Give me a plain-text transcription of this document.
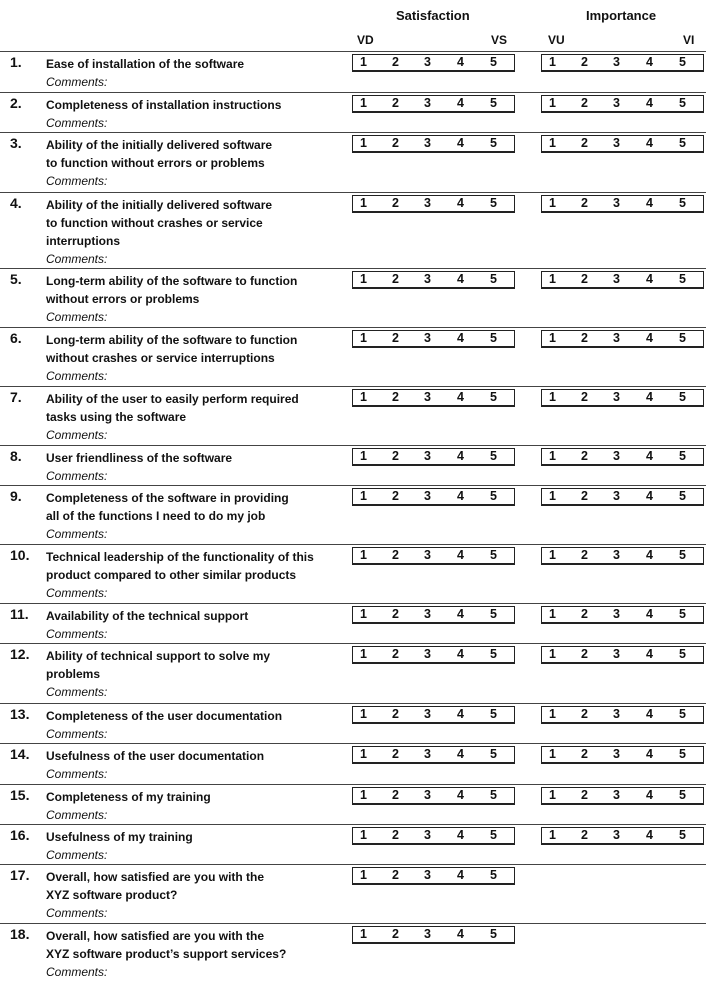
Satisfaction	Importance
VD	VS	VU	VI
1. Ease of installation of the software
Comments:
1 2 3 4 5	1 2 3 4 5
2. Completeness of installation instructions
Comments:
1 2 3 4 5	1 2 3 4 5
3. Ability of the initially delivered software
to function without errors or problems
Comments:
1 2 3 4 5	1 2 3 4 5
4. Ability of the initially delivered software
to function without crashes or service
interruptions
Comments:
1 2 3 4 5	1 2 3 4 5
5. Long-term ability of the software to function
without errors or problems
Comments:
1 2 3 4 5	1 2 3 4 5
6. Long-term ability of the software to function
without crashes or service interruptions
Comments:
1 2 3 4 5	1 2 3 4 5
7. Ability of the user to easily perform required
tasks using the software
Comments:
1 2 3 4 5	1 2 3 4 5
8. User friendliness of the software
Comments:
1 2 3 4 5	1 2 3 4 5
9. Completeness of the software in providing
all of the functions I need to do my job
Comments:
1 2 3 4 5	1 2 3 4 5
10. Technical leadership of the functionality of this
product compared to other similar products
Comments:
1 2 3 4 5	1 2 3 4 5
11. Availability of the technical support
Comments:
1 2 3 4 5	1 2 3 4 5
12. Ability of technical support to solve my
problems
Comments:
1 2 3 4 5	1 2 3 4 5
13. Completeness of the user documentation
Comments:
1 2 3 4 5	1 2 3 4 5
14. Usefulness of the user documentation
Comments:
1 2 3 4 5	1 2 3 4 5
15. Completeness of my training
Comments:
1 2 3 4 5	1 2 3 4 5
16. Usefulness of my training
Comments:
1 2 3 4 5	1 2 3 4 5
17. Overall, how satisfied are you with the
XYZ software product?
Comments:
1 2 3 4 5
18. Overall, how satisfied are you with the
XYZ software product’s support services?
Comments:
1 2 3 4 5
